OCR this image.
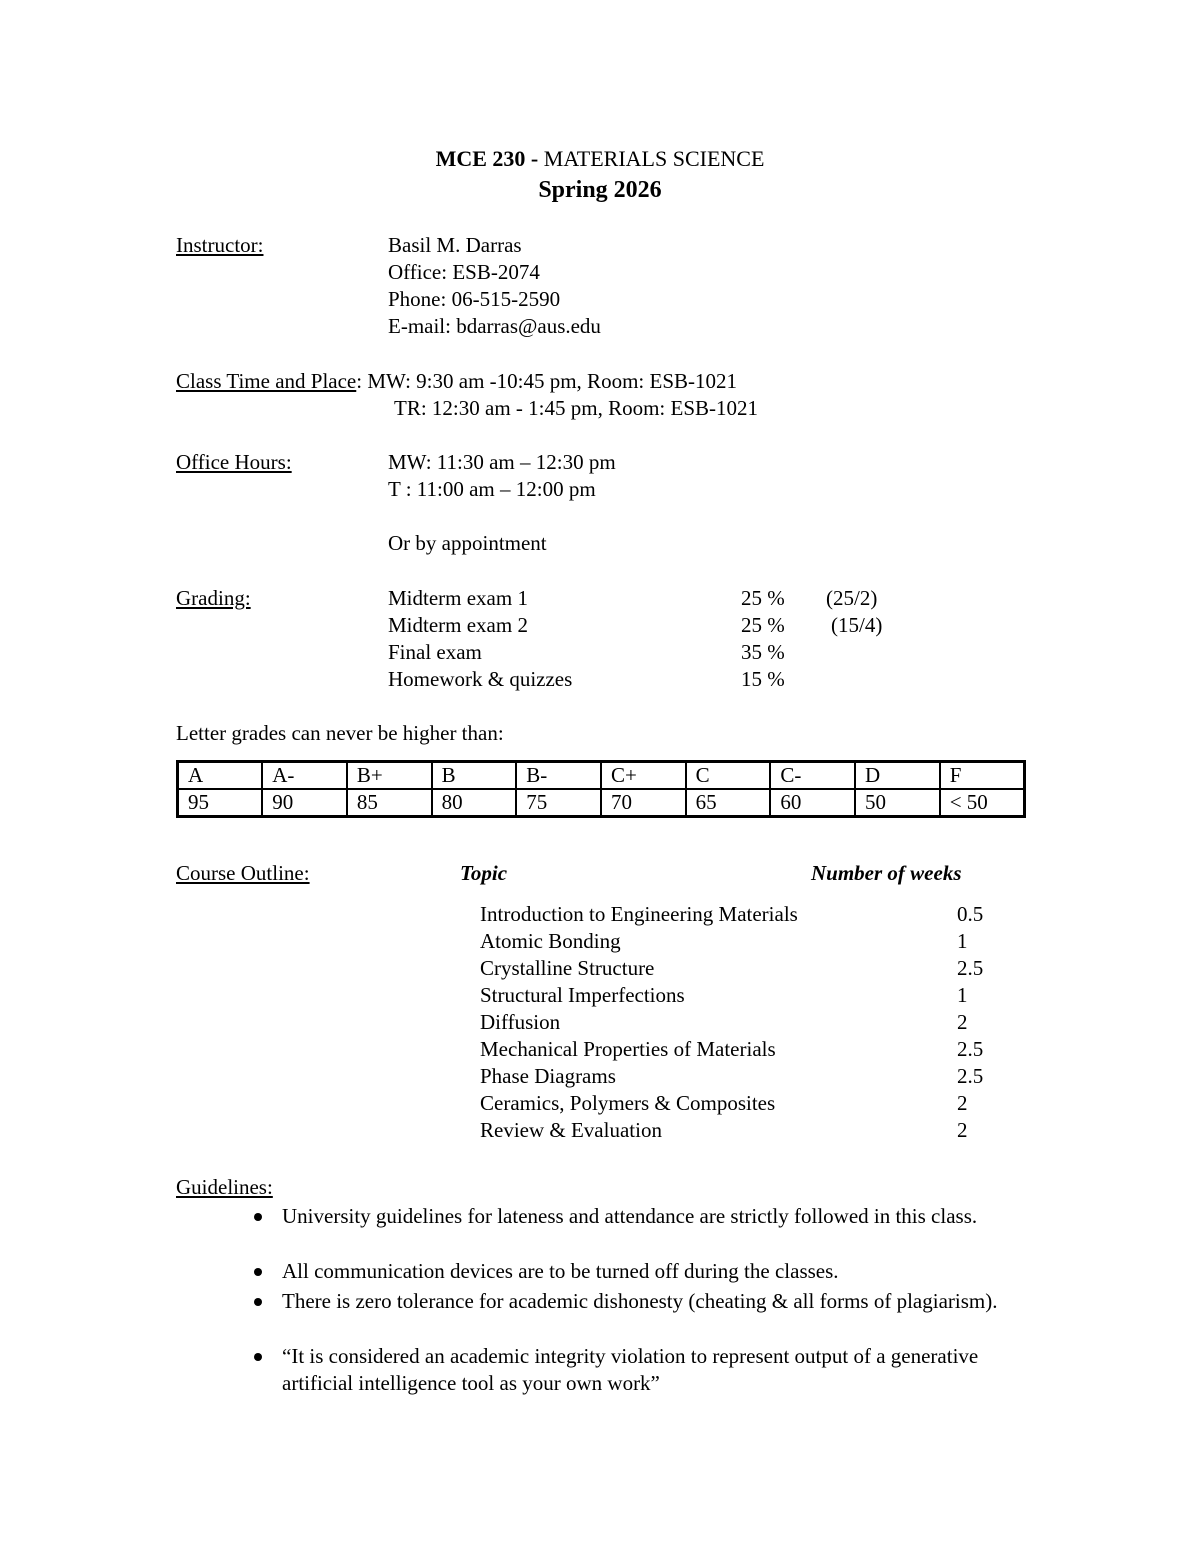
MCE 230 - MATERIALS SCIENCE
Spring 2026
Instructor:	Basil M. Darras
Office: ESB-2074
Phone: 06-515-2590
E-mail: bdarras@aus.edu
Class Time and Place: MW: 9:30 am -10:45 pm, Room: ESB-1021
TR: 12:30 am - 1:45 pm, Room: ESB-1021
Office Hours:	MW: 11:30 am – 12:30 pm
T : 11:00 am – 12:00 pm
Or by appointment
Grading:	Midterm exam 1	25 % (25/2)
Midterm exam 2	25 % (15/4)
Final exam	35 %
Homework & quizzes	15 %
Letter grades can never be higher than:
A	A-	B+	B	B-	C+	C	C-	D	F
95	90	85	80	75	70	65	60	50	< 50
Course Outline:	Topic	Number of weeks
Introduction to Engineering Materials	0.5
Atomic Bonding	1
Crystalline Structure	2.5
Structural Imperfections	1
Diffusion	2
Mechanical Properties of Materials	2.5
Phase Diagrams	2.5
Ceramics, Polymers & Composites	2
Review & Evaluation	2
Guidelines:
University guidelines for lateness and attendance are strictly followed in this class.
All communication devices are to be turned off during the classes.
There is zero tolerance for academic dishonesty (cheating & all forms of plagiarism).
“It is considered an academic integrity violation to represent output of a generative artificial intelligence tool as your own work”
